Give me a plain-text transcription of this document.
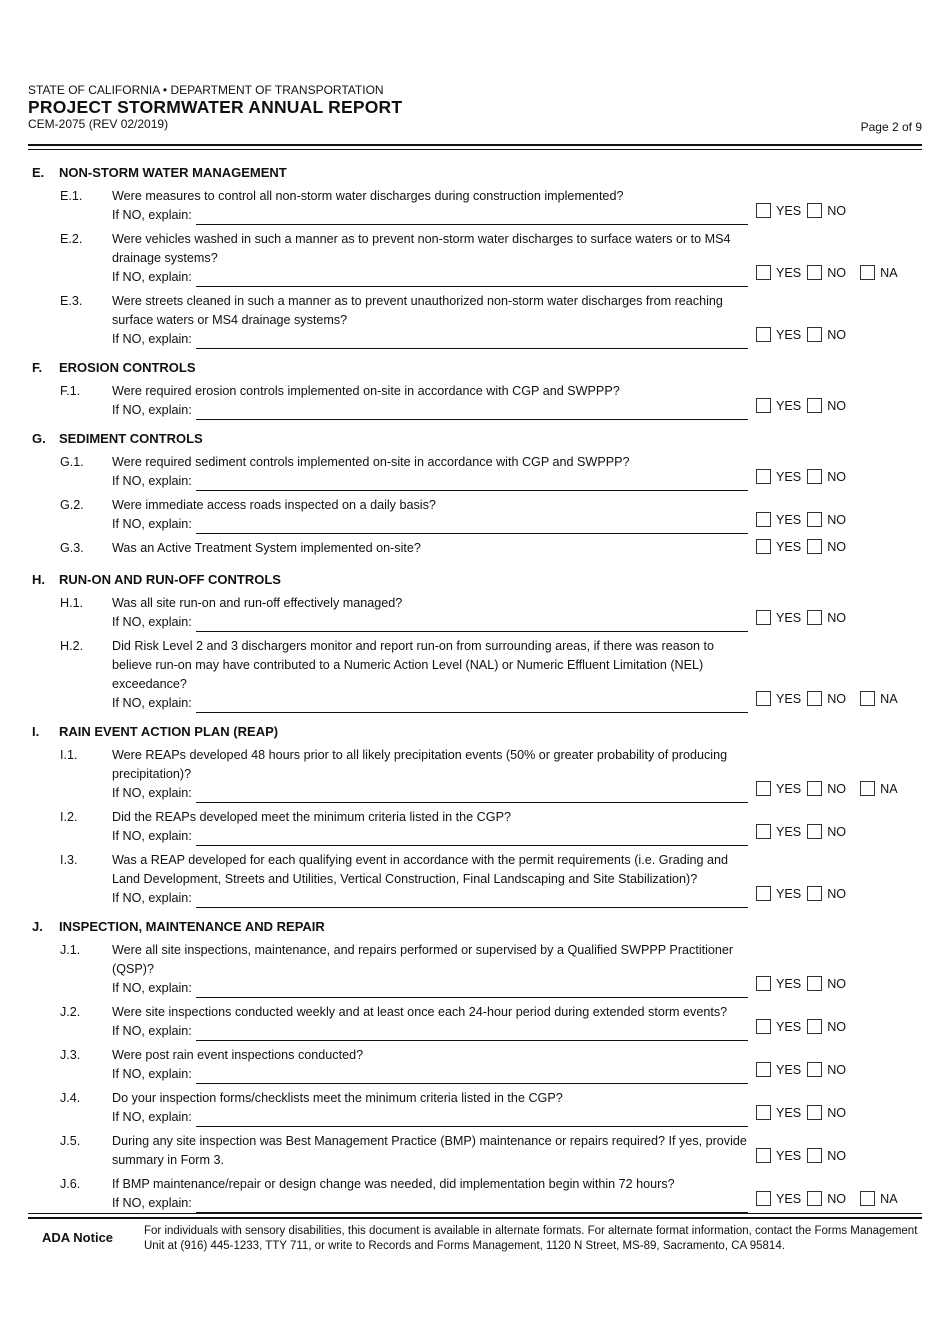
STATE OF CALIFORNIA • DEPARTMENT OF TRANSPORTATION
PROJECT STORMWATER ANNUAL REPORT
CEM-2075 (REV 02/2019)	Page 2 of 9
E.	NON-STORM WATER MANAGEMENT
E.1.	Were measures to control all non-storm water discharges during construction implemented?
If NO, explain:	YES NO
E.2.	Were vehicles washed in such a manner as to prevent non-storm water discharges to surface waters or to MS4 drainage systems?
If NO, explain:	YES NO	NA
E.3.	Were streets cleaned in such a manner as to prevent unauthorized non-storm water discharges from reaching surface waters or MS4 drainage systems?
If NO, explain:	YES NO
F.	EROSION CONTROLS
F.1.	Were required erosion controls implemented on-site in accordance with CGP and SWPPP?
If NO, explain:	YES NO
G.	SEDIMENT CONTROLS
G.1.	Were required sediment controls implemented on-site in accordance with CGP and SWPPP?
If NO, explain:	YES NO
G.2.	Were immediate access roads inspected on a daily basis?
If NO, explain:	YES NO
G.3.	Was an Active Treatment System implemented on-site?	YES NO
H.	RUN-ON AND RUN-OFF CONTROLS
H.1.	Was all site run-on and run-off effectively managed?
If NO, explain:	YES NO
H.2.	Did Risk Level 2 and 3 dischargers monitor and report run-on from surrounding areas, if there was reason to believe run-on may have contributed to a Numeric Action Level (NAL) or Numeric Effluent Limitation (NEL) exceedance?
If NO, explain:	YES NO	NA
I.	RAIN EVENT ACTION PLAN (REAP)
I.1.	Were REAPs developed 48 hours prior to all likely precipitation events (50% or greater probability of producing precipitation)?
If NO, explain:	YES NO	NA
I.2.	Did the REAPs developed meet the minimum criteria listed in the CGP?
If NO, explain:	YES NO
I.3.	Was a REAP developed for each qualifying event in accordance with the permit requirements (i.e. Grading and Land Development, Streets and Utilities, Vertical Construction, Final Landscaping and Site Stabilization)?
If NO, explain:	YES NO
J.	INSPECTION, MAINTENANCE AND REPAIR
J.1.	Were all site inspections, maintenance, and repairs performed or supervised by a Qualified SWPPP Practitioner (QSP)?
If NO, explain:	YES NO
J.2.	Were site inspections conducted weekly and at least once each 24-hour period during extended storm events?
If NO, explain:	YES NO
J.3.	Were post rain event inspections conducted?
If NO, explain:	YES NO
J.4.	Do your inspection forms/checklists meet the minimum criteria listed in the CGP?
If NO, explain:	YES NO
J.5.	During any site inspection was Best Management Practice (BMP) maintenance or repairs required? If yes, provide summary in Form 3.	YES NO
J.6.	If BMP maintenance/repair or design change was needed, did implementation begin within 72 hours?
If NO, explain:	YES NO	NA
ADA Notice	For individuals with sensory disabilities, this document is available in alternate formats. For alternate format information, contact the Forms Management Unit at (916) 445-1233, TTY 711, or write to Records and Forms Management, 1120 N Street, MS-89, Sacramento, CA 95814.
